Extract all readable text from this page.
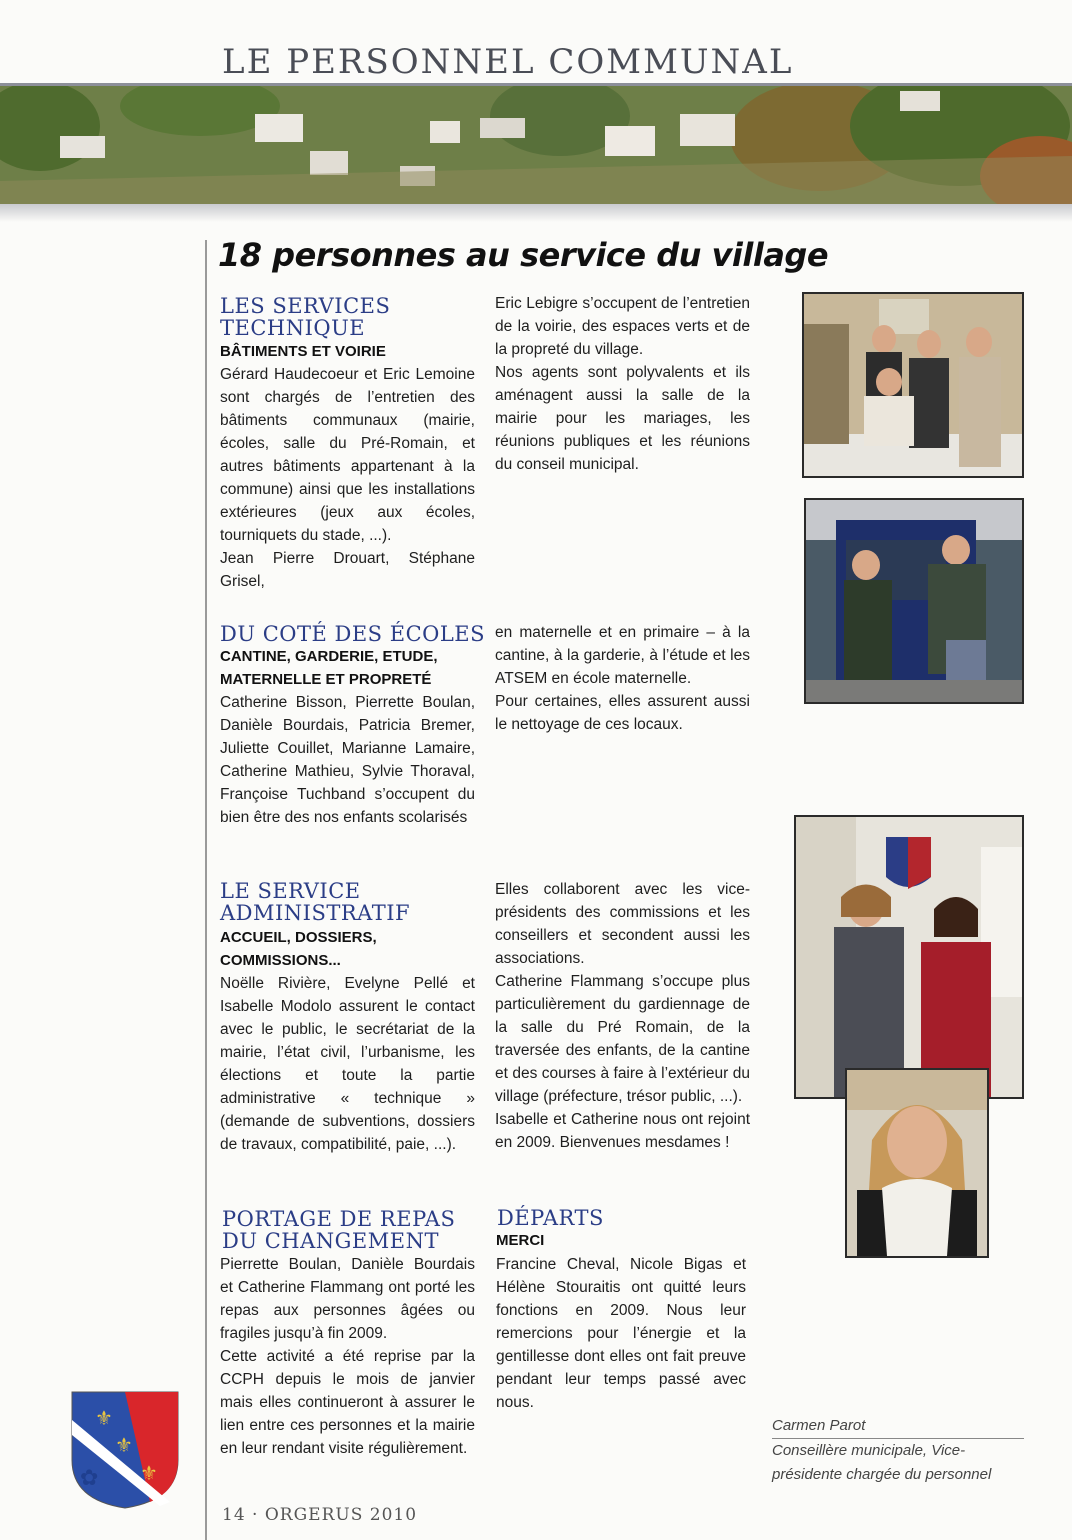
LE PERSONNEL COMMUNAL
18 personnes au service du village
LES SERVICES
TECHNIQUE
BÂTIMENTS ET VOIRIE

Gérard Haudecoeur et Eric Lemoine sont chargés de l’entretien des bâtiments communaux (mairie, écoles, salle du Pré-Romain, et autres bâtiments appartenant à la commune) ainsi que les installations extérieures (jeux aux écoles, tourniquets du stade, ...).

Jean Pierre Drouart, Stéphane Grisel,

Eric Lebigre s’occupent de l’entretien de la voirie, des espaces verts et de la propreté du village.

Nos agents sont polyvalents et ils aménagent aussi la salle de la mairie pour les mariages, les réunions publiques et les réunions du conseil municipal.

DU COTÉ DES ÉCOLES
CANTINE, GARDERIE, ETUDE, MATERNELLE ET PROPRETÉ

Catherine Bisson, Pierrette Boulan, Danièle Bourdais, Patricia Bremer, Juliette Couillet, Marianne Lamaire, Catherine Mathieu, Sylvie Thoraval, Françoise Tuchband s’occupent du bien être des nos enfants scolarisés

en maternelle et en primaire – à la cantine, à la garderie, à l’étude et les ATSEM en école maternelle.

Pour certaines, elles assurent aussi le nettoyage de ces locaux.

LE SERVICE
ADMINISTRATIF
ACCUEIL, DOSSIERS, COMMISSIONS...

Noëlle Rivière, Evelyne Pellé et Isabelle Modolo assurent le contact avec le public, le secrétariat de la mairie, l’état civil, l’urbanisme, les élections et toute la partie administrative « technique » (demande de subventions, dossiers de travaux, compatibilité, paie, ...).

Elles collaborent avec les vice-présidents des commissions et les conseillers et secondent aussi les associations.

Catherine Flammang s’occupe plus particulièrement du gardiennage de la salle du Pré Romain, de la traversée des enfants, de la cantine et des courses à faire à l’extérieur du village (préfecture, trésor public, ...).

Isabelle et Catherine nous ont rejoint en 2009. Bienvenues mesdames !

PORTAGE DE REPAS
DU CHANGEMENT

Pierrette Boulan, Danièle Bourdais et Catherine Flammang ont porté les repas aux personnes âgées ou fragiles jusqu’à fin 2009.

Cette activité a été reprise par la CCPH depuis le mois de janvier mais elles continueront à assurer le lien entre ces personnes et la mairie en leur rendant visite régulièrement.

DÉPARTS
MERCI

Francine Cheval, Nicole Bigas et Hélène Stouraitis ont quitté leurs fonctions en 2009. Nous leur remercions pour l’énergie et la gentillesse dont elles ont fait preuve pendant leur temps passé avec nous.

⚜
⚜
⚜
✿
Carmen Parot
Conseillère municipale, Vice-présidente chargée du personnel
14 · ORGERUS 2010
